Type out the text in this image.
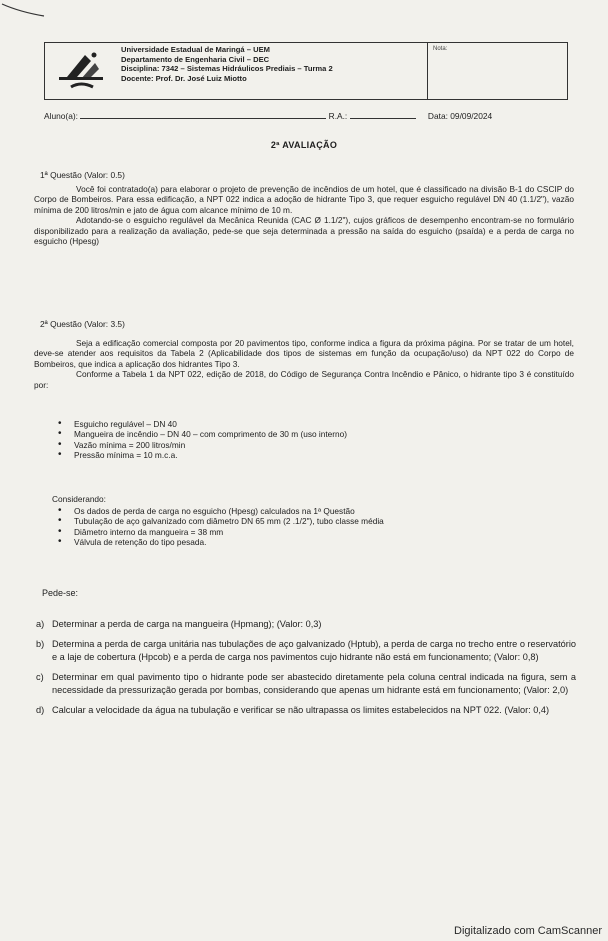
Universidade Estadual de Maringá – UEM
Departamento de Engenharia Civil – DEC
Disciplina: 7342 – Sistemas Hidráulicos Prediais – Turma 2
Docente: Prof. Dr. José Luiz Miotto
Nota:
Aluno(a):	R.A.:	Data: 09/09/2024
2ª AVALIAÇÃO
1ª Questão (Valor: 0.5)

Você foi contratado(a) para elaborar o projeto de prevenção de incêndios de um hotel, que é classificado na divisão B-1 do CSCIP do Corpo de Bombeiros. Para essa edificação, a NPT 022 indica a adoção de hidrante Tipo 3, que requer esguicho regulável DN 40 (1.1/2"), vazão mínima de 200 litros/min e jato de água com alcance mínimo de 10 m.

Adotando-se o esguicho regulável da Mecânica Reunida (CAC Ø 1.1/2"), cujos gráficos de desempenho encontram-se no formulário disponibilizado para a realização da avaliação, pede-se que seja determinada a pressão na saída do esguicho (psaída) e a perda de carga no esguicho (Hpesg)

2ª Questão (Valor: 3.5)

Seja a edificação comercial composta por 20 pavimentos tipo, conforme indica a figura da próxima página. Por se tratar de um hotel, deve-se atender aos requisitos da Tabela 2 (Aplicabilidade dos tipos de sistemas em função da ocupação/uso) da NPT 022 do Corpo de Bombeiros, que indica a aplicação dos hidrantes Tipo 3.

Conforme a Tabela 1 da NPT 022, edição de 2018, do Código de Segurança Contra Incêndio e Pânico, o hidrante tipo 3 é constituído por:

• Esguicho regulável – DN 40
• Mangueira de incêndio – DN 40 – com comprimento de 30 m (uso interno)
• Vazão mínima = 200 litros/min
• Pressão mínima = 10 m.c.a.
Considerando:
• Os dados de perda de carga no esguicho (Hpesg) calculados na 1ª Questão
• Tubulação de aço galvanizado com diâmetro DN 65 mm (2 .1/2"), tubo classe média
• Diâmetro interno da mangueira = 38 mm
• Válvula de retenção do tipo pesada.
Pede-se:
a) Determinar a perda de carga na mangueira (Hpmang); (Valor: 0,3)
b) Determina a perda de carga unitária nas tubulações de aço galvanizado (Hptub), a perda de carga no trecho entre o reservatório e a laje de cobertura (Hpcob) e a perda de carga nos pavimentos cujo hidrante não está em funcionamento; (Valor: 0,8)
c) Determinar em qual pavimento tipo o hidrante pode ser abastecido diretamente pela coluna central indicada na figura, sem a necessidade da pressurização gerada por bombas, considerando que apenas um hidrante está em funcionamento; (Valor: 2,0)
d) Calcular a velocidade da água na tubulação e verificar se não ultrapassa os limites estabelecidos na NPT 022. (Valor: 0,4)
Digitalizado com CamScanner
